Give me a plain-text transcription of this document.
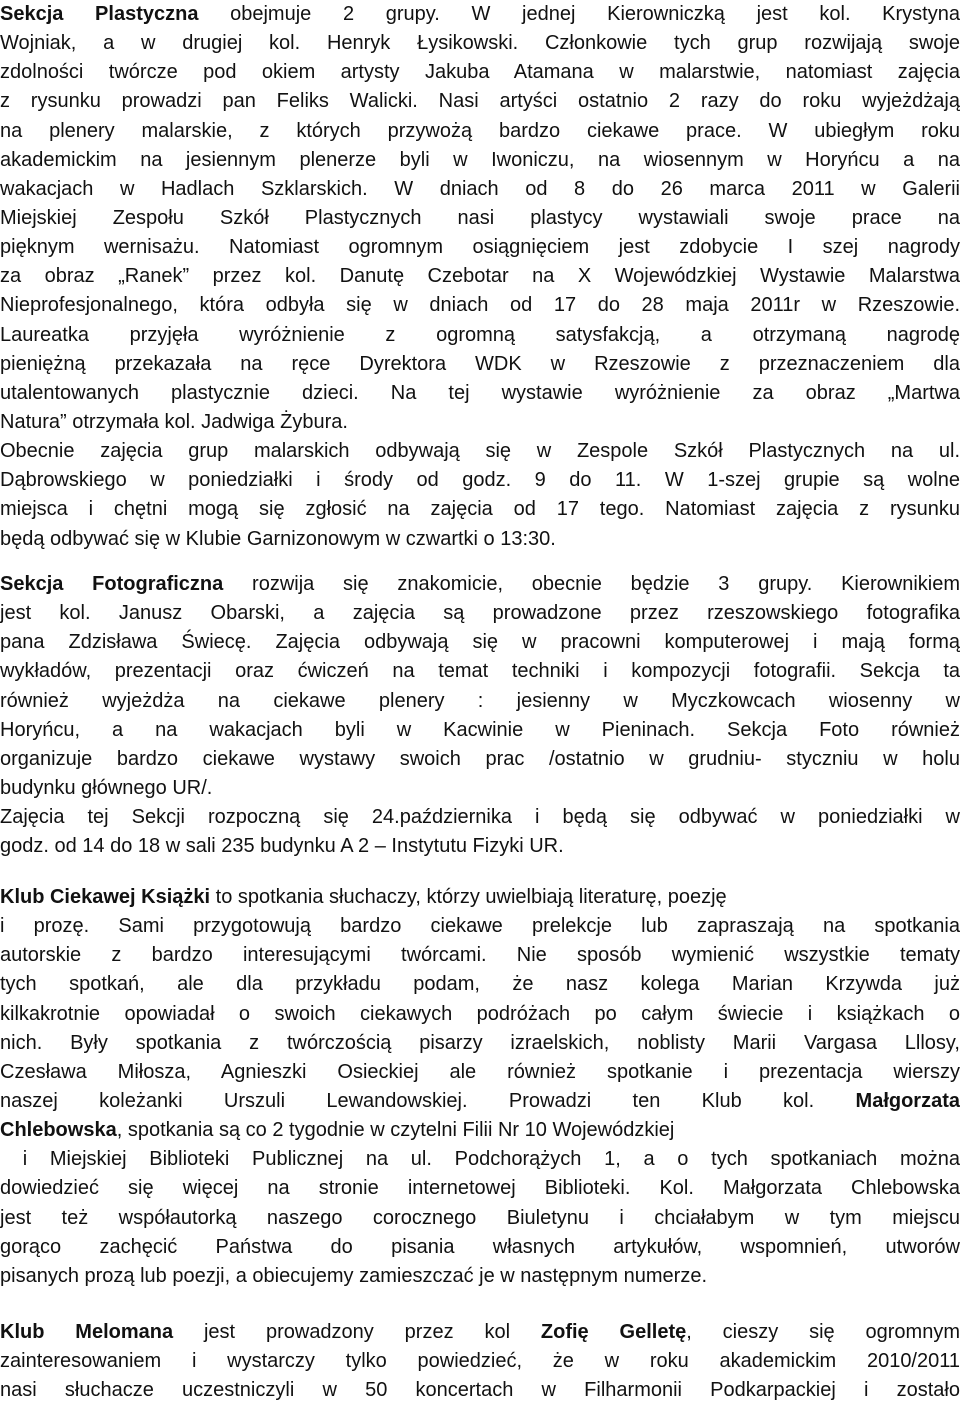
Sekcja Plastyczna obejmuje 2 grupy. W jednej Kierowniczką jest kol. Krystyna
Wojniak, a w drugiej kol. Henryk Łysikowski. Członkowie tych grup rozwijają swoje
zdolności twórcze pod okiem artysty Jakuba Atamana w malarstwie, natomiast zajęcia
z rysunku prowadzi pan Feliks Walicki. Nasi artyści ostatnio 2 razy do roku wyjeżdżają
na plenery malarskie, z których przywożą bardzo ciekawe prace. W ubiegłym roku
akademickim na jesiennym plenerze byli w Iwoniczu, na wiosennym w Horyńcu a na
wakacjach w Hadlach Szklarskich. W dniach od 8 do 26 marca 2011 w Galerii
Miejskiej Zespołu Szkół Plastycznych nasi plastycy wystawiali swoje prace na
pięknym wernisażu. Natomiast ogromnym osiągnięciem jest zdobycie I szej nagrody
za obraz „Ranek” przez kol. Danutę Czebotar na X Wojewódzkiej Wystawie Malarstwa
Nieprofesjonalnego, która odbyła się w dniach od 17 do 28 maja 2011r w Rzeszowie.
Laureatka przyjęła wyróżnienie z ogromną satysfakcją, a otrzymaną nagrodę
pieniężną przekazała na ręce Dyrektora WDK w Rzeszowie z przeznaczeniem dla
utalentowanych plastycznie dzieci. Na tej wystawie wyróżnienie za obraz „Martwa
Natura” otrzymała kol. Jadwiga Żybura.
Obecnie zajęcia grup malarskich odbywają się w Zespole Szkół Plastycznych na ul.
Dąbrowskiego w poniedziałki i środy od godz. 9 do 11. W 1-szej grupie są wolne
miejsca i chętni mogą się zgłosić na zajęcia od 17 tego. Natomiast zajęcia z rysunku
będą odbywać się w Klubie Garnizonowym w czwartki o 13:30.
Sekcja Fotograficzna rozwija się znakomicie, obecnie będzie 3 grupy. Kierownikiem
jest kol. Janusz Obarski, a zajęcia są prowadzone przez rzeszowskiego fotografika
pana Zdzisława Świecę. Zajęcia odbywają się w pracowni komputerowej i mają formą
wykładów, prezentacji oraz ćwiczeń na temat techniki i kompozycji fotografii. Sekcja ta
również wyjeżdża na ciekawe plenery : jesienny w Myczkowcach wiosenny w
Horyńcu, a na wakacjach byli w Kacwinie w Pieninach. Sekcja Foto również
organizuje bardzo ciekawe wystawy swoich prac /ostatnio w grudniu- styczniu w holu
budynku głównego UR/.
Zajęcia tej Sekcji rozpoczną się 24.października i będą się odbywać w poniedziałki w
godz. od 14 do 18 w sali 235 budynku A 2 – Instytutu Fizyki UR.
Klub Ciekawej Książki to spotkania słuchaczy, którzy uwielbiają literaturę, poezję
i prozę. Sami przygotowują bardzo ciekawe prelekcje lub zapraszają na spotkania
autorskie z bardzo interesującymi twórcami. Nie sposób wymienić wszystkie tematy
tych spotkań, ale dla przykładu podam, że nasz kolega Marian Krzywda już
kilkakrotnie opowiadał o swoich ciekawych podróżach po całym świecie i książkach o
nich. Były spotkania z twórczością pisarzy izraelskich, noblisty Marii Vargasa Lllosy,
Czesława Miłosza, Agnieszki Osieckiej ale również spotkanie i prezentacja wierszy
naszej koleżanki Urszuli Lewandowskiej. Prowadzi ten Klub kol. Małgorzata
Chlebowska, spotkania są co 2 tygodnie w czytelni Filii Nr 10 Wojewódzkiej
i Miejskiej Biblioteki Publicznej na ul. Podchorążych 1, a o tych spotkaniach można
dowiedzieć się więcej na stronie internetowej Biblioteki. Kol. Małgorzata Chlebowska
jest też współautorką naszego corocznego Biuletynu i chciałabym w tym miejscu
gorąco zachęcić Państwa do pisania własnych artykułów, wspomnień, utworów
pisanych prozą lub poezji, a obiecujemy zamieszczać je w następnym numerze.
Klub Melomana jest prowadzony przez kol Zofię Gelletę, cieszy się ogromnym
zainteresowaniem i wystarczy tylko powiedzieć, że w roku akademickim 2010/2011
nasi słuchacze uczestniczyli w 50 koncertach w Filharmonii Podkarpackiej i zostało
